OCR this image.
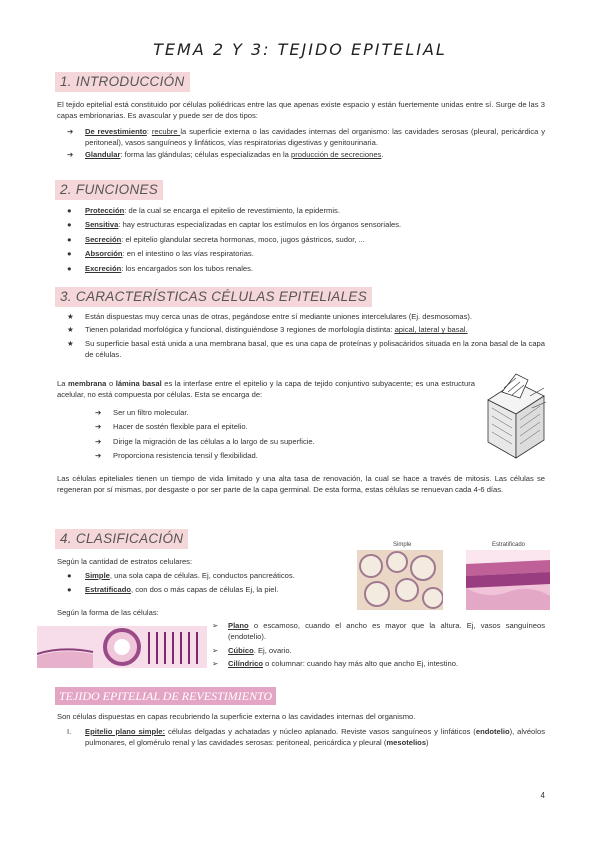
TEMA 2 Y 3: TEJIDO EPITELIAL
1. INTRODUCCIÓN
El tejido epitelial está constituido por células poliédricas entre las que apenas existe espacio y están fuertemente unidas entre sí. Surge de las 3 capas embrionarias. Es avascular y puede ser de dos tipos:
➔ De revestimiento: recubre la superficie externa o las cavidades internas del organismo: las cavidades serosas (pleural, pericárdica y peritoneal), vasos sanguíneos y linfáticos, vías respiratorias digestivas y genitourinaria.
➔ Glandular: forma las glándulas; células especializadas en la producción de secreciones.
2. FUNCIONES
● Protección: de la cual se encarga el epitelio de revestimiento, la epidermis.
● Sensitiva: hay estructuras especializadas en captar los estímulos en los órganos sensoriales.
● Secreción: el epitelio glandular secreta hormonas, moco, jugos gástricos, sudor, ...
● Absorción: en el intestino o las vías respiratorias.
● Excreción: los encargados son los tubos renales.
3. CARACTERÍSTICAS CÉLULAS EPITELIALES
★ Están dispuestas muy cerca unas de otras, pegándose entre sí mediante uniones intercelulares (Ej. desmosomas).
★ Tienen polaridad morfológica y funcional, distinguiéndose 3 regiones de morfología distinta: apical, lateral y basal.
★ Su superficie basal está unida a una membrana basal, que es una capa de proteínas y polisacáridos situada en la zona basal de la capa de células.
La membrana o lámina basal es la interfase entre el epitelio y la capa de tejido conjuntivo subyacente; es una estructura acelular, no está compuesta por células. Esta se encarga de:
➔ Ser un filtro molecular.
➔ Hacer de sostén flexible para el epitelio.
➔ Dirige la migración de las células a lo largo de su superficie.
➔ Proporciona resistencia tensil y flexibilidad.
Las células epiteliales tienen un tiempo de vida limitado y una alta tasa de renovación, la cual se hace a través de mitosis. Las células se regeneran por sí mismas, por desgaste o por ser parte de la capa germinal. De esta forma, estas células se renuevan cada 4-6 días.
4. CLASIFICACIÓN
Según la cantidad de estratos celulares:
● Simple, una sola capa de células. Ej, conductos pancreáticos.
● Estratificado, con dos o más capas de células Ej, la piel.
Simple	Estratificado
Según la forma de las células:
➢ Plano o escamoso, cuando el ancho es mayor que la altura. Ej, vasos sanguíneos (endotelio).
➢ Cúbico. Ej, ovario.
➢ Cilíndrico o columnar: cuando hay más alto que ancho Ej, intestino.
TEJIDO EPITELIAL DE REVESTIMIENTO
Son células dispuestas en capas recubriendo la superficie externa o las cavidades internas del organismo.
I. Epitelio plano simple: células delgadas y achatadas y núcleo aplanado. Reviste vasos sanguíneos y linfáticos (endotelio), alvéolos pulmonares, el glomérulo renal y las cavidades serosas: peritoneal, pericárdica y pleural (mesotelios)
4
